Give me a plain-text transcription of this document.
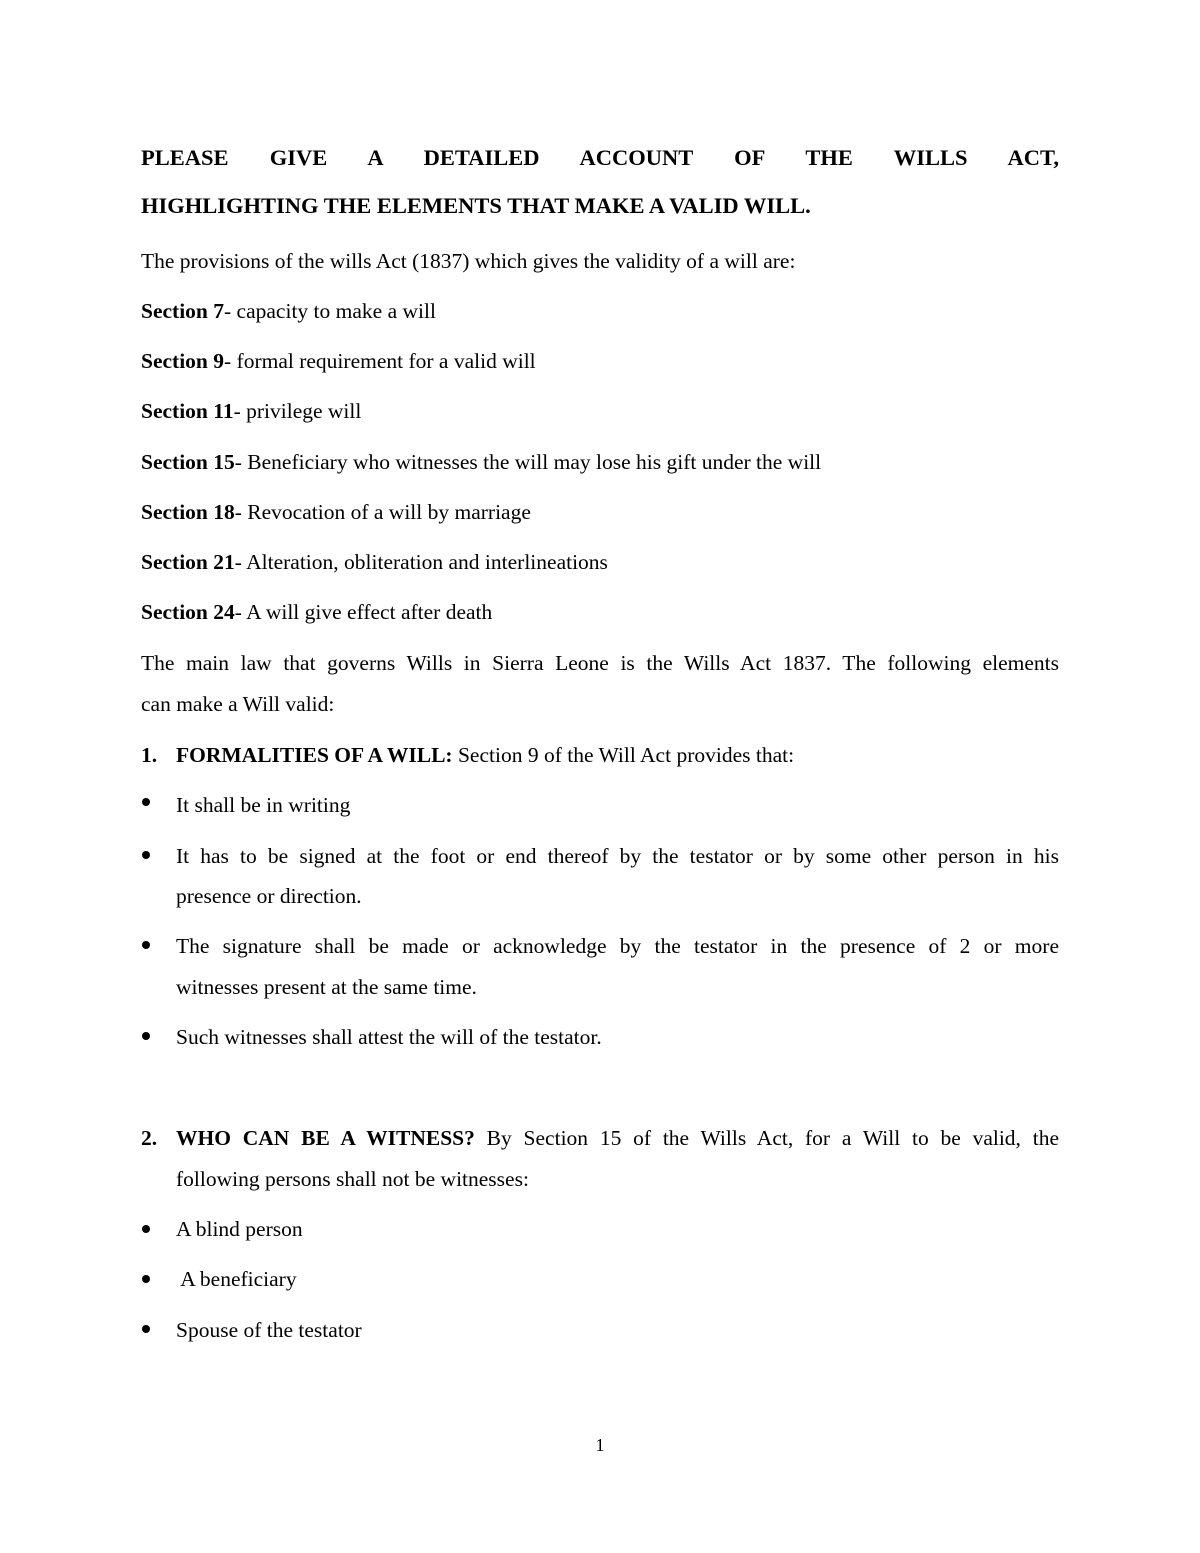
PLEASE GIVE A DETAILED ACCOUNT OF THE WILLS ACT,
HIGHLIGHTING THE ELEMENTS THAT MAKE A VALID WILL.
The provisions of the wills Act (1837) which gives the validity of a will are:
Section 7- capacity to make a will
Section 9- formal requirement for a valid will
Section 11- privilege will
Section 15- Beneficiary who witnesses the will may lose his gift under the will
Section 18- Revocation of a will by marriage
Section 21- Alteration, obliteration and interlineations
Section 24- A will give effect after death
The main law that governs Wills in Sierra Leone is the Wills Act 1837. The following elements
can make a Will valid:
1. FORMALITIES OF A WILL: Section 9 of the Will Act provides that:
It shall be in writing
It has to be signed at the foot or end thereof by the testator or by some other person in his
presence or direction.
The signature shall be made or acknowledge by the testator in the presence of 2 or more
witnesses present at the same time.
Such witnesses shall attest the will of the testator.
2. WHO CAN BE A WITNESS? By Section 15 of the Wills Act, for a Will to be valid, the
following persons shall not be witnesses:
A blind person
A beneficiary
Spouse of the testator
1
